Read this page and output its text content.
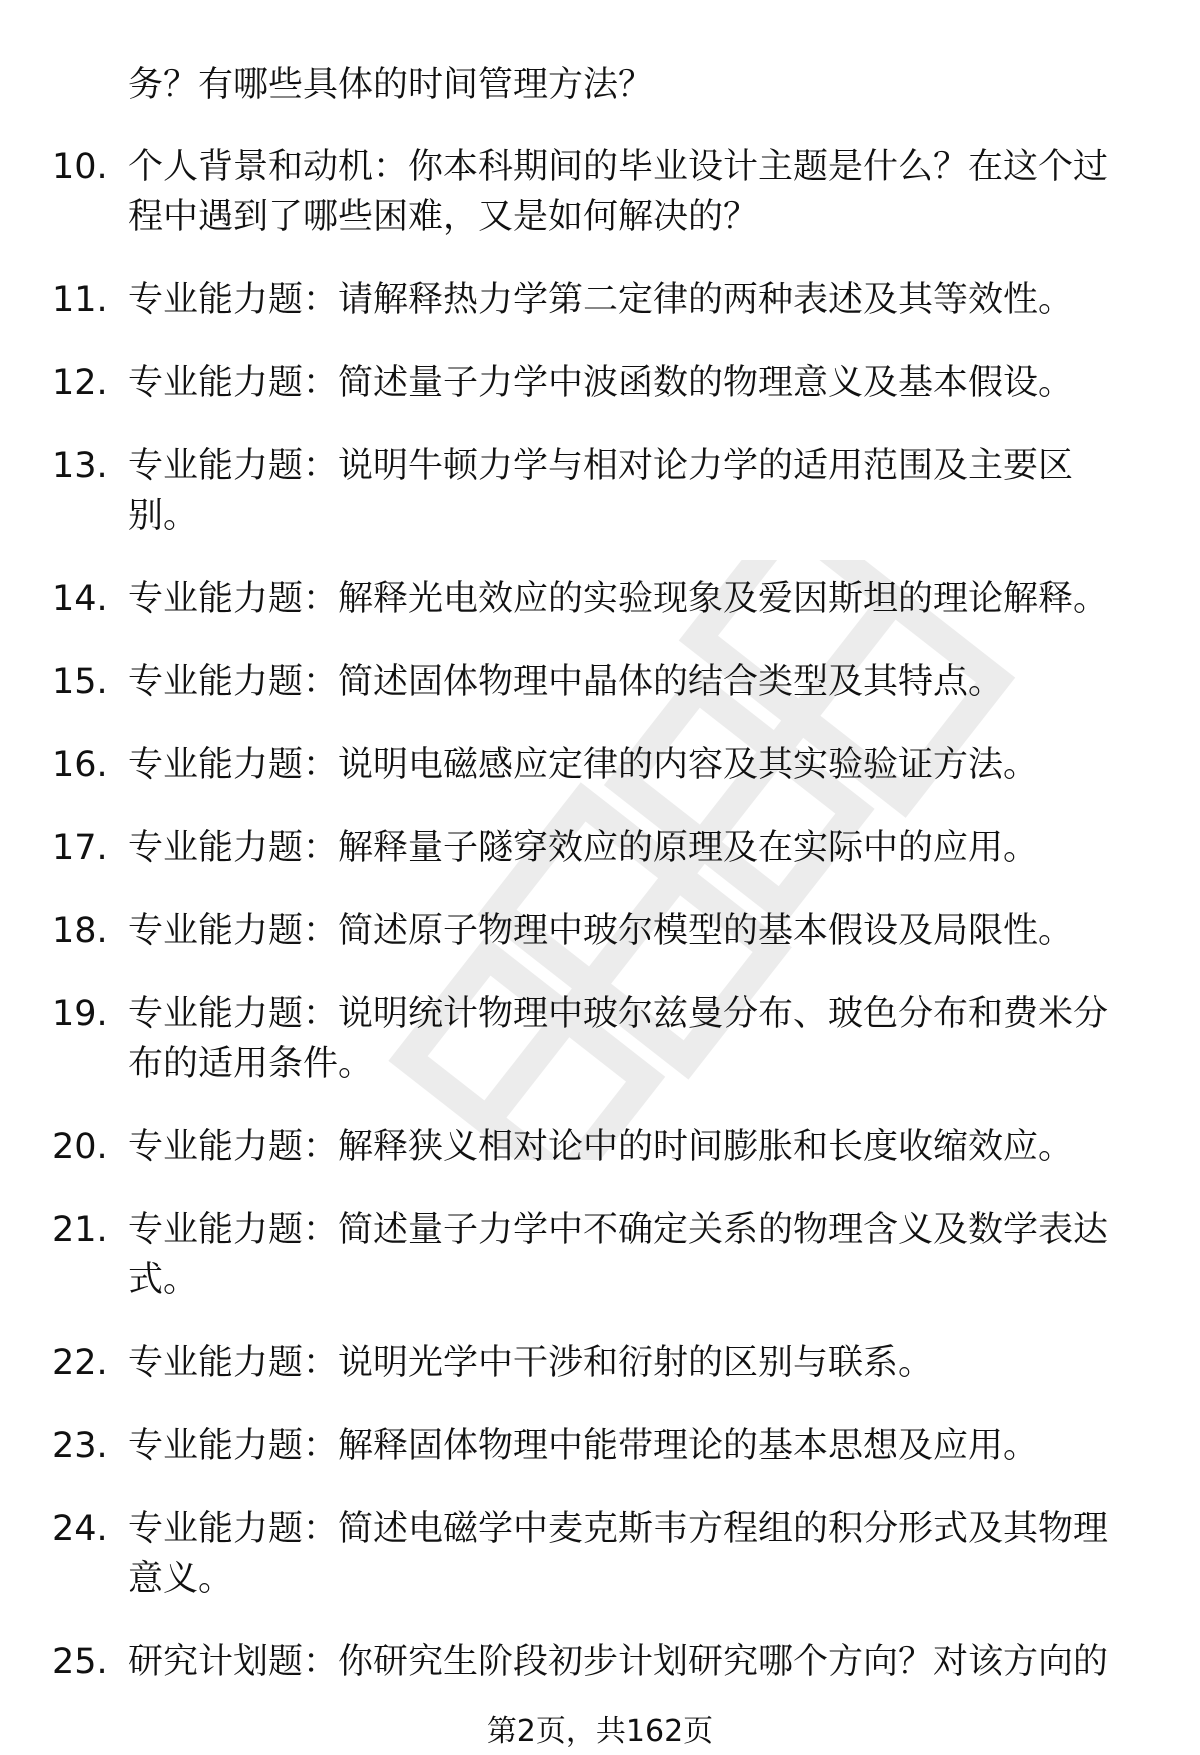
务？有哪些具体的时间管理方法？
10. 个人背景和动机：你本科期间的毕业设计主题是什么？在这个过程中遇到了哪些困难，又是如何解决的？
11. 专业能力题：请解释热力学第二定律的两种表述及其等效性。
12. 专业能力题：简述量子力学中波函数的物理意义及基本假设。
13. 专业能力题：说明牛顿力学与相对论力学的适用范围及主要区别。
14. 专业能力题：解释光电效应的实验现象及爱因斯坦的理论解释。
15. 专业能力题：简述固体物理中晶体的结合类型及其特点。
16. 专业能力题：说明电磁感应定律的内容及其实验验证方法。
17. 专业能力题：解释量子隧穿效应的原理及在实际中的应用。
18. 专业能力题：简述原子物理中玻尔模型的基本假设及局限性。
19. 专业能力题：说明统计物理中玻尔兹曼分布、玻色分布和费米分布的适用条件。
20. 专业能力题：解释狭义相对论中的时间膨胀和长度收缩效应。
21. 专业能力题：简述量子力学中不确定关系的物理含义及数学表达式。
22. 专业能力题：说明光学中干涉和衍射的区别与联系。
23. 专业能力题：解释固体物理中能带理论的基本思想及应用。
24. 专业能力题：简述电磁学中麦克斯韦方程组的积分形式及其物理意义。
25. 研究计划题：你研究生阶段初步计划研究哪个方向？对该方向的
第2页，共162页
